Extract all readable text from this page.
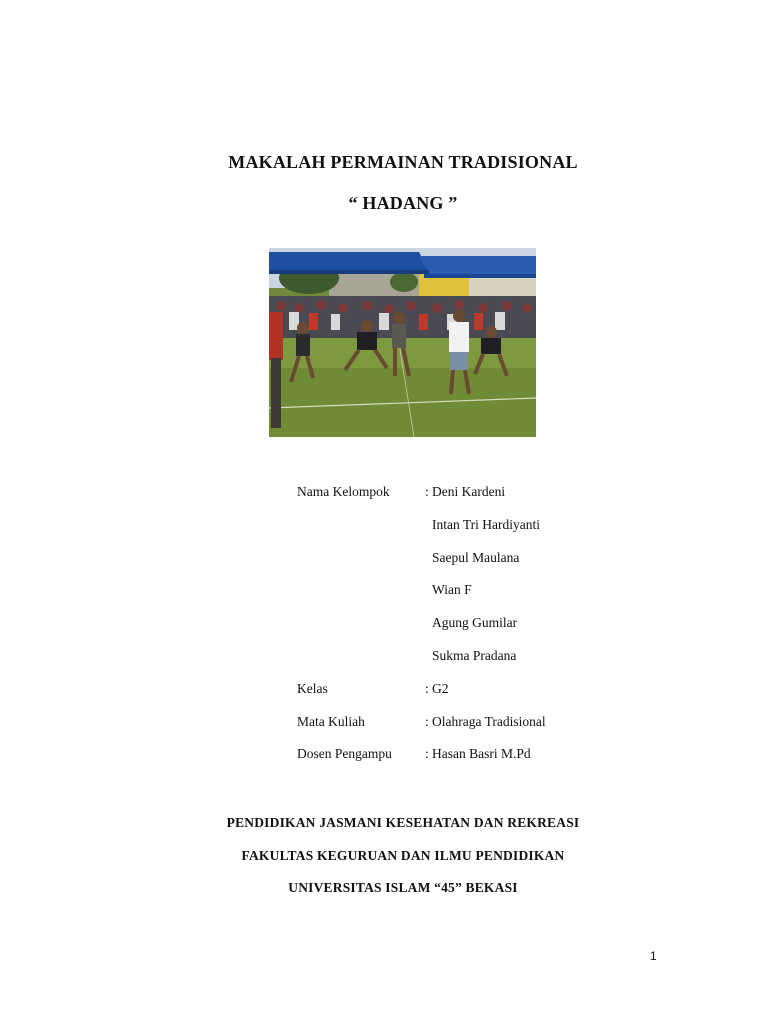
MAKALAH PERMAINAN TRADISIONAL
“ HADANG ”
Nama Kelompok	: Deni Kardeni
Intan Tri Hardiyanti
Saepul Maulana
Wian F
Agung Gumilar
Sukma Pradana
Kelas	: G2
Mata Kuliah	: Olahraga Tradisional
Dosen Pengampu : Hasan Basri M.Pd
PENDIDIKAN JASMANI KESEHATAN DAN REKREASI
FAKULTAS KEGURUAN DAN ILMU PENDIDIKAN
UNIVERSITAS ISLAM “45” BEKASI
1
